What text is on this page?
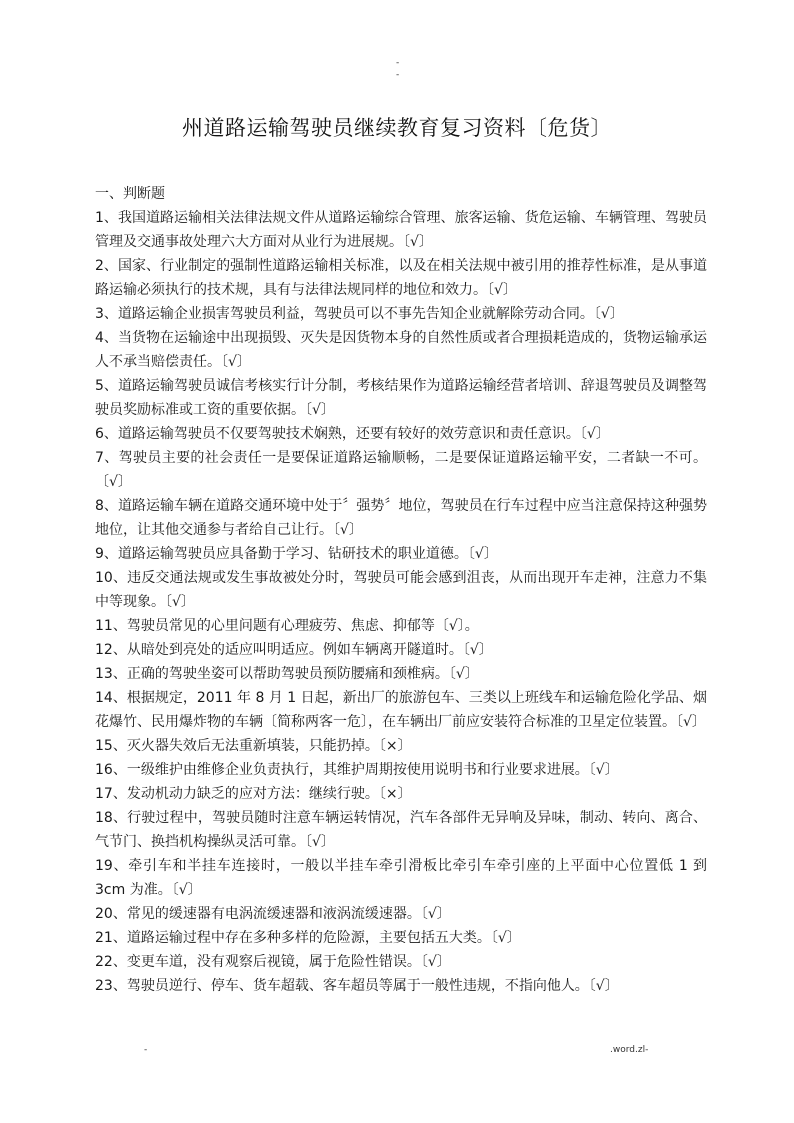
-
-
州道路运输驾驶员继续教育复习资料〔危货〕
一、判断题
1、我国道路运输相关法律法规文件从道路运输综合管理、旅客运输、货危运输、车辆管理、驾驶员管理及交通事故处理六大方面对从业行为进展规。〔√〕
2、国家、行业制定的强制性道路运输相关标准，以及在相关法规中被引用的推荐性标准，是从事道路运输必须执行的技术规，具有与法律法规同样的地位和效力。〔√〕
3、道路运输企业损害驾驶员利益，驾驶员可以不事先告知企业就解除劳动合同。〔√〕
4、当货物在运输途中出现损毁、灭失是因货物本身的自然性质或者合理损耗造成的，货物运输承运人不承当赔偿责任。〔√〕
5、道路运输驾驶员诚信考核实行计分制，考核结果作为道路运输经营者培训、辞退驾驶员及调整驾驶员奖励标准或工资的重要依据。〔√〕
6、道路运输驾驶员不仅要驾驶技术娴熟，还要有较好的效劳意识和责任意识。〔√〕
7、驾驶员主要的社会责任一是要保证道路运输顺畅，二是要保证道路运输平安，二者缺一不可。〔√〕
8、道路运输车辆在道路交通环境中处于〞强势〞地位，驾驶员在行车过程中应当注意保持这种强势地位，让其他交通参与者给自己让行。〔√〕
9、道路运输驾驶员应具备勤于学习、钻研技术的职业道德。〔√〕
10、违反交通法规或发生事故被处分时，驾驶员可能会感到沮丧，从而出现开车走神，注意力不集中等现象。〔√〕
11、驾驶员常见的心里问题有心理疲劳、焦虑、抑郁等〔√〕。
12、从暗处到亮处的适应叫明适应。例如车辆离开隧道时。〔√〕
13、正确的驾驶坐姿可以帮助驾驶员预防腰痛和颈椎病。〔√〕
14、根据规定，2011 年 8 月 1 日起，新出厂的旅游包车、三类以上班线车和运输危险化学品、烟花爆竹、民用爆炸物的车辆〔简称两客一危〕，在车辆出厂前应安装符合标准的卫星定位装置。〔√〕
15、灭火器失效后无法重新填装，只能扔掉。〔×〕
16、一级维护由维修企业负责执行，其维护周期按使用说明书和行业要求进展。〔√〕
17、发动机动力缺乏的应对方法：继续行驶。〔×〕
18、行驶过程中，驾驶员随时注意车辆运转情况，汽车各部件无异响及异味，制动、转向、离合、气节门、换挡机构操纵灵活可靠。〔√〕
19、牵引车和半挂车连接时，一般以半挂车牵引滑板比牵引车牵引座的上平面中心位置低 1 到 3cm 为准。〔√〕
20、常见的缓速器有电涡流缓速器和液涡流缓速器。〔√〕
21、道路运输过程中存在多种多样的危险源，主要包括五大类。〔√〕
22、变更车道，没有观察后视镜，属于危险性错误。〔√〕
23、驾驶员逆行、停车、货车超载、客车超员等属于一般性违规，不指向他人。〔√〕
-	.word.zl-
